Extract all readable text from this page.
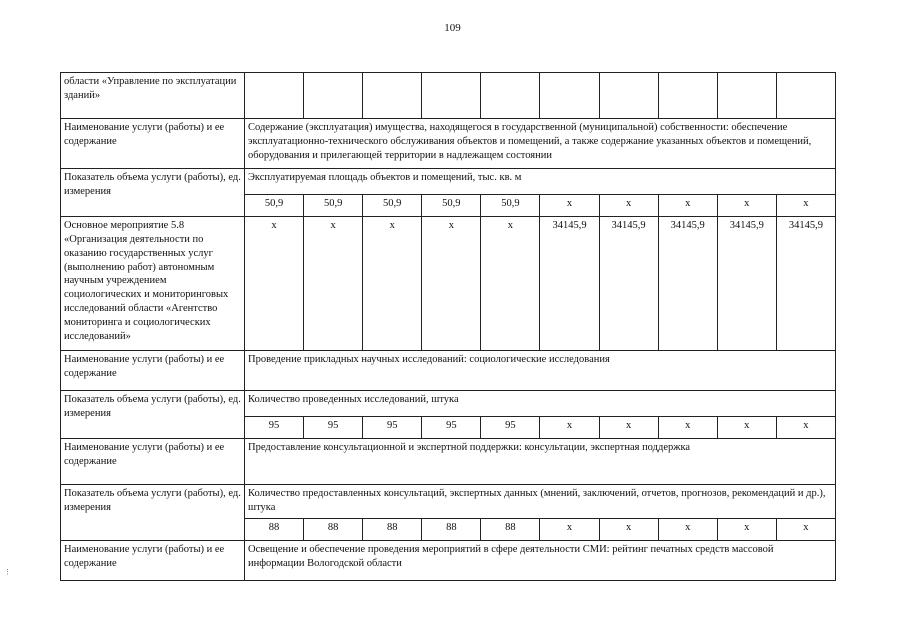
109
⋮
области «Управление по эксплуатации зданий»										
Наименование услуги (работы) и ее содержание	Содержание (эксплуатация) имущества, находящегося в государственной (муниципальной) собственности: обеспечение эксплуатационно-технического обслуживания объектов и помещений, а также содержание указанных объектов и помещений, оборудования и прилегающей территории в надлежащем состоянии									
Показатель объема услуги (работы), ед. измерения	Эксплуатируемая площадь объектов и помещений, тыс. кв. м									
	50,9	50,9	50,9	50,9	50,9	х	х	х	х	х
Основное мероприятие 5.8 «Организация деятельности по оказанию государственных услуг (выполнению работ) автономным научным учреждением социологических и мониторинговых исследований области «Агентство мониторинга и социологических исследований»	х	х	х	х	х	34145,9	34145,9	34145,9	34145,9	34145,9
Наименование услуги (работы) и ее содержание	Проведение прикладных научных исследований: социологические исследования									
Показатель объема услуги (работы), ед. измерения	Количество проведенных исследований, штука									
	95	95	95	95	95	х	х	х	х	х
Наименование услуги (работы) и ее содержание	Предоставление консультационной и экспертной поддержки: консультации, экспертная поддержка									
Показатель объема услуги (работы), ед. измерения	Количество предоставленных консультаций, экспертных данных (мнений, заключений, отчетов, прогнозов, рекомендаций и др.), штука									
	88	88	88	88	88	х	х	х	х	х
Наименование услуги (работы) и ее содержание	Освещение и обеспечение проведения мероприятий в сфере деятельности СМИ: рейтинг печатных средств массовой информации Вологодской области									
